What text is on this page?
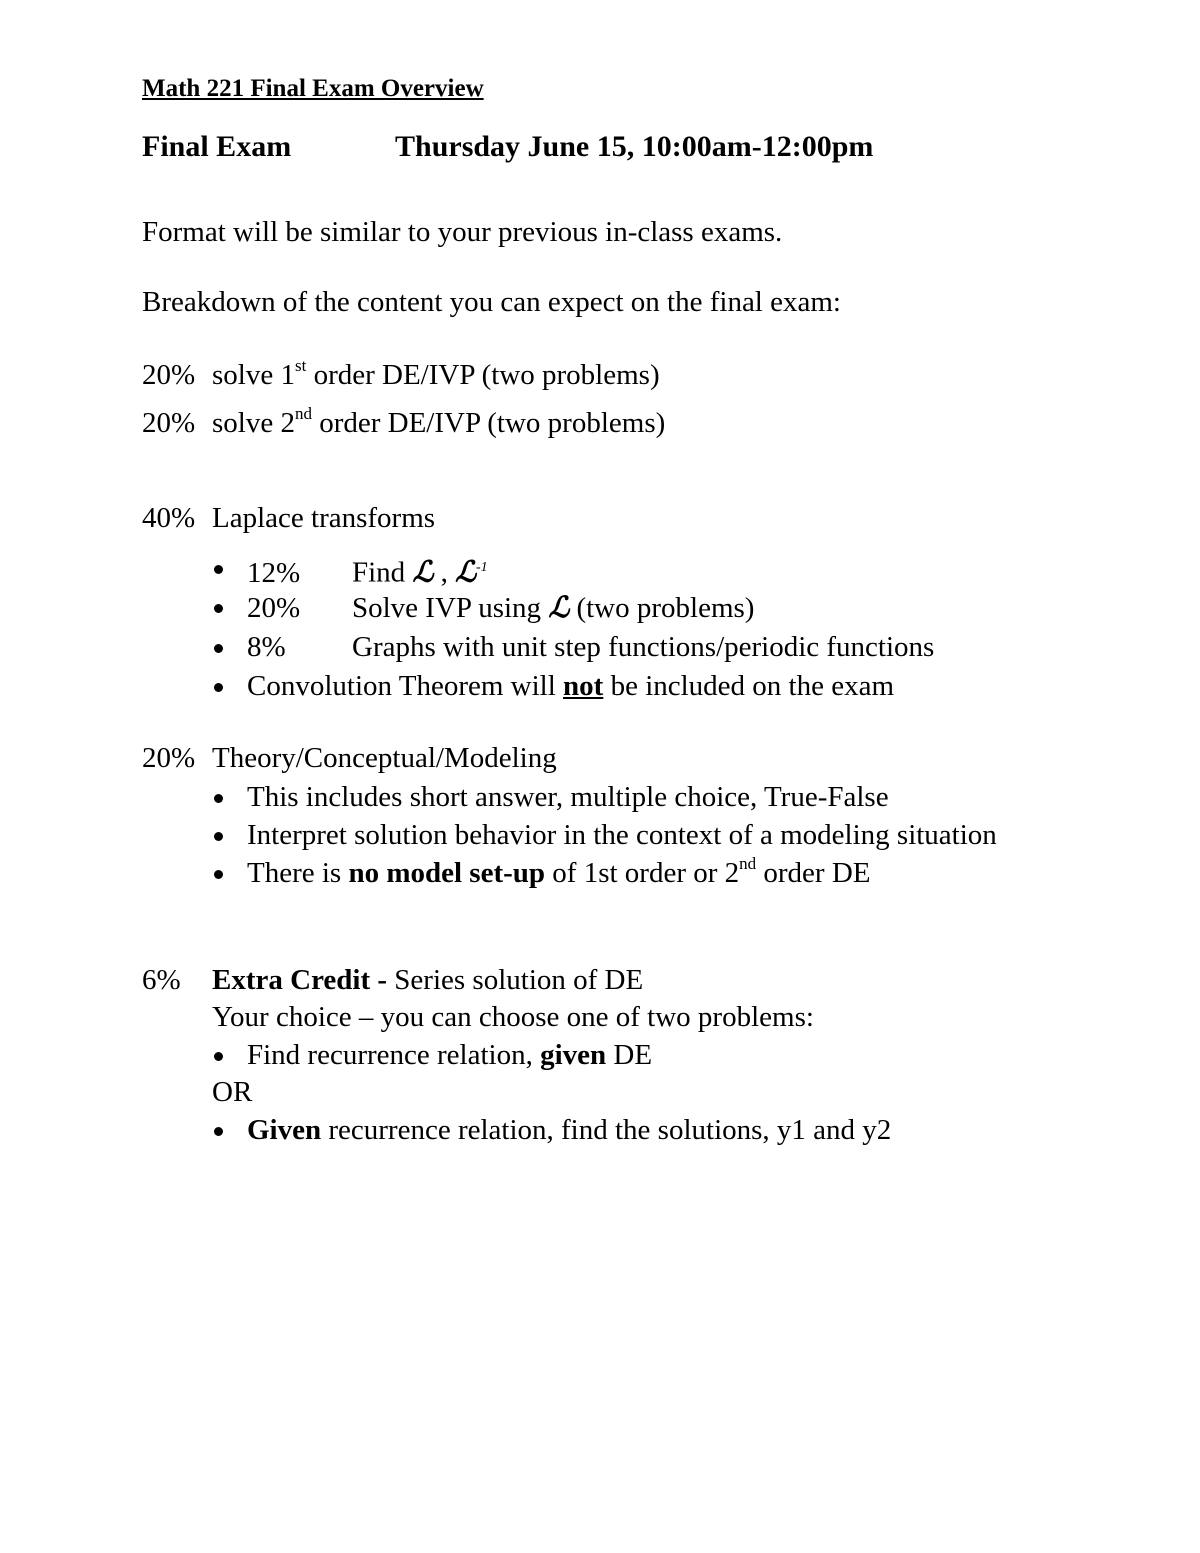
Math 221 Final Exam Overview
Final Exam	Thursday June 15, 10:00am-12:00pm
Format will be similar to your previous in-class exams.
Breakdown of the content you can expect on the final exam:
20% solve 1st order DE/IVP (two problems)
20% solve 2nd order DE/IVP (two problems)
40% Laplace transforms
12% Find ℒ , ℒ$^{-1}$
20% Solve IVP using ℒ (two problems)
8% Graphs with unit step functions/periodic functions
Convolution Theorem will not be included on the exam
20% Theory/Conceptual/Modeling
This includes short answer, multiple choice, True-False
Interpret solution behavior in the context of a modeling situation
There is no model set-up of 1st order or 2nd order DE
6% Extra Credit - Series solution of DE
Your choice – you can choose one of two problems:
Find recurrence relation, given DE
OR
Given recurrence relation, find the solutions, y1 and y2
